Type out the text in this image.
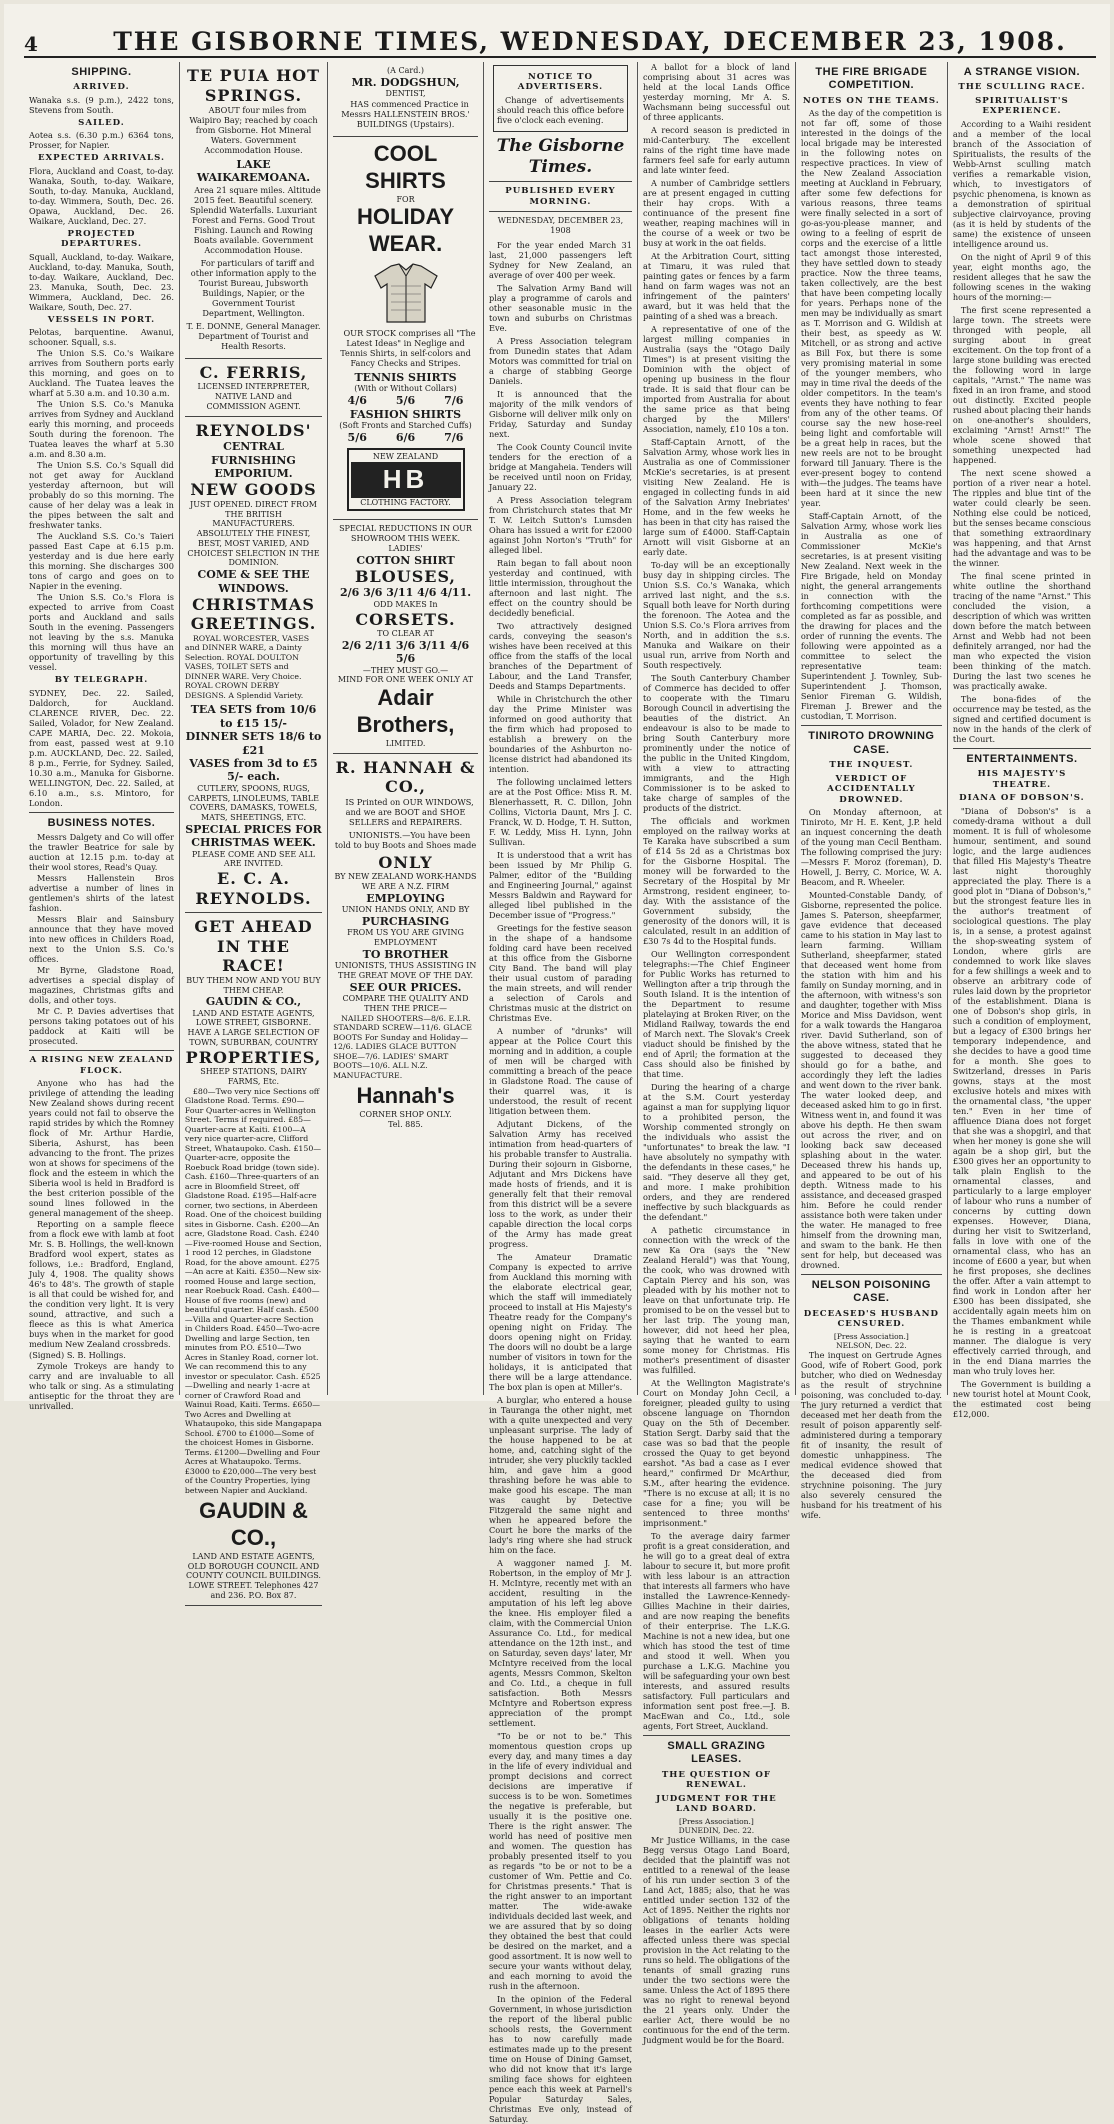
4	THE GISBORNE TIMES, WEDNESDAY, DECEMBER 23, 1908.
SHIPPING.
ARRIVED.

Wanaka s.s. (9 p.m.), 2422 tons, Stevens from South.

SAILED.

Aotea s.s. (6.30 p.m.) 6364 tons, Prosser, for Napier.

EXPECTED ARRIVALS.

Flora, Auckland and Coast, to-day. Wanaka, South, to-day. Waikare, South, to-day. Manuka, Auckland, to-day. Wimmera, South, Dec. 26. Opawa, Auckland, Dec. 26. Waikare, Auckland, Dec. 27.

PROJECTED DEPARTURES.

Squall, Auckland, to-day. Waikare, Auckland, to-day. Manuka, South, to-day. Waikare, Auckland, Dec. 23. Manuka, South, Dec. 23. Wimmera, Auckland, Dec. 26. Waikare, South, Dec. 27.

VESSELS IN PORT.

Pelotas, barquentine. Awanui, schooner. Squall, s.s.

The Union S.S. Co.'s Waikare arrives from Southern ports early this morning, and goes on to Auckland. The Tuatea leaves the wharf at 5.30 a.m. and 10.30 a.m.

The Union S.S. Co.'s Manuka arrives from Sydney and Auckland early this morning, and proceeds South during the forenoon. The Tuatea leaves the wharf at 5.30 a.m. and 8.30 a.m.

The Union S.S. Co.'s Squall did not get away for Auckland yesterday afternoon, but will probably do so this morning. The cause of her delay was a leak in the pipes between the salt and freshwater tanks.

The Auckland S.S. Co.'s Taieri passed East Cape at 6.15 p.m. yesterday and is due here early this morning. She discharges 300 tons of cargo and goes on to Napier in the evening.

The Union S.S. Co.'s Flora is expected to arrive from Coast ports and Auckland and sails South in the evening. Passengers not leaving by the s.s. Manuka this morning will thus have an opportunity of travelling by this vessel.

BY TELEGRAPH.

SYDNEY, Dec. 22. Sailed, Daldorch, for Auckland. CLARENCE RIVER, Dec. 22. Sailed, Volador, for New Zealand. CAPE MARIA, Dec. 22. Mokoia, from east, passed west at 9.10 p.m. AUCKLAND, Dec. 22. Sailed, 8 p.m., Ferrie, for Sydney. Sailed, 10.30 a.m., Manuka for Gisborne. WELLINGTON, Dec. 22. Sailed, at 6.10 a.m., s.s. Mintoro, for London.

BUSINESS NOTES.

Messrs Dalgety and Co will offer the trawler Beatrice for sale by auction at 12.15 p.m. to-day at their wool stores, Read's Quay.

Messrs Hallenstein Bros advertise a number of lines in gentlemen's shirts of the latest fashion.

Messrs Blair and Sainsbury announce that they have moved into new offices in Childers Road, next to the Union S.S. Co.'s offices.

Mr Byrne, Gladstone Road, advertises a special display of magazines, Christmas gifts and dolls, and other toys.

Mr C. P. Davies advertises that persons taking potatoes out of his paddock at Kaiti will be prosecuted.

A RISING NEW ZEALAND FLOCK.

Anyone who has had the privilege of attending the leading New Zealand shows during recent years could not fail to observe the rapid strides by which the Romney flock of Mr. Arthur Hardie, Siberia, Ashurst, has been advancing to the front. The prizes won at shows for specimens of the flock and the esteem in which the Siberia wool is held in Bradford is the best criterion possible of the sound lines followed in the general management of the sheep.

Reporting on a sample fleece from a flock ewe with lamb at foot Mr. S. B. Hollings, the well-known Bradford wool expert, states as follows, i.e.: Bradford, England, July 4, 1908. The quality shows 46's to 48's. The growth of staple is all that could be wished for, and the condition very light. It is very sound, attractive, and such a fleece as this is what America buys when in the market for good medium New Zealand crossbreds.

(Signed) S. B. Hollings.

Zymole Trokeys are handy to carry and are invaluable to all who talk or sing. As a stimulating antiseptic for the throat they are unrivalled.

TE PUIA HOT SPRINGS.

ABOUT four miles from Waipiro Bay; reached by coach from Gisborne. Hot Mineral Waters. Government Accommodation House.

LAKE WAIKAREMOANA.

Area 21 square miles. Altitude 2015 feet. Beautiful scenery. Splendid Waterfalls. Luxuriant Forest and Ferns. Good Trout Fishing. Launch and Rowing Boats available. Government Accommodation House.

For particulars of tariff and other information apply to the Tourist Bureau, Jubsworth Buildings, Napier, or the Government Tourist Department, Wellington.

T. E. DONNE, General Manager. Department of Tourist and Health Resorts.

C. FERRIS,
LICENSED INTERPRETER, NATIVE LAND and COMMISSION AGENT.
REYNOLDS'
CENTRAL FURNISHING EMPORIUM.
NEW GOODS
JUST OPENED. DIRECT FROM THE BRITISH MANUFACTURERS.
ABSOLUTELY THE FINEST, BEST, MOST VARIED, AND CHOICEST SELECTION IN THE DOMINION.
COME & SEE THE WINDOWS.
CHRISTMAS GREETINGS.

ROYAL WORCESTER, VASES and DINNER WARE, a Dainty Selection. ROYAL DOULTON VASES, TOILET SETS and DINNER WARE. Very Choice. ROYAL CROWN DERBY DESIGNS. A Splendid Variety.

TEA SETS from 10/6 to £15 15/-
DINNER SETS 18/6 to £21
VASES from 3d to £5 5/- each.
CUTLERY, SPOONS, RUGS, CARPETS, LINOLEUMS, TABLE COVERS, DAMASKS, TOWELS, MATS, SHEETINGS, ETC.
SPECIAL PRICES FOR CHRISTMAS WEEK.
PLEASE COME AND SEE ALL ARE INVITED.
E. C. A. REYNOLDS.
GET AHEAD IN THE RACE!
BUY THEM NOW AND YOU BUY THEM CHEAP.
GAUDIN & CO.,
LAND AND ESTATE AGENTS, LOWE STREET, GISBORNE.
HAVE A LARGE SELECTION OF TOWN, SUBURBAN, COUNTRY
PROPERTIES,
SHEEP STATIONS, DAIRY FARMS, Etc.

£80—Two very nice Sections off Gladstone Road. Terms. £90—Four Quarter-acres in Wellington Street. Terms if required. £85—Quarter-acre at Kaiti. £100—A very nice quarter-acre, Clifford Street, Whataupoko. Cash. £150—Quarter-acre, opposite the Roebuck Road bridge (town side). Cash. £160—Three-quarters of an acre in Bloomfield Street, off Gladstone Road. £195—Half-acre corner, two sections, in Aberdeen Road. One of the choicest building sites in Gisborne. Cash. £200—An acre, Gladstone Road. Cash. £240—Five-roomed House and Section, 1 rood 12 perches, in Gladstone Road, for the above amount. £275—An acre at Kaiti. £350—New six-roomed House and large section, near Roebuck Road. Cash. £400—House of five rooms (new) and beautiful quarter. Half cash. £500—Villa and Quarter-acre Section in Childers Road. £450—Two-acre Dwelling and large Section, ten minutes from P.O. £510—Two Acres in Stanley Road, corner lot. We can recommend this to any investor or speculator. Cash. £525—Dwelling and nearly 1-acre at corner of Crawford Road and Wainui Road, Kaiti. Terms. £650—Two Acres and Dwelling at Whataupoko, this side Mangapapa School. £700 to £1000—Some of the choicest Homes in Gisborne. Terms. £1200—Dwelling and Four Acres at Whataupoko. Terms. £3000 to £20,000—The very best of the Country Properties, lying between Napier and Auckland.

GAUDIN & CO.,
LAND AND ESTATE AGENTS, OLD BOROUGH COUNCIL AND COUNTY COUNCIL BUILDINGS. LOWE STREET. Telephones 427 and 236. P.O. Box 87.
(A Card.)
MR. DODGSHUN,
DENTIST,

HAS commenced Practice in Messrs HALLENSTEIN BROS.' BUILDINGS (Upstairs).

COOL
SHIRTS
FOR
HOLIDAY
WEAR.

OUR STOCK comprises all "The Latest Ideas" in Neglige and Tennis Shirts, in self-colors and Fancy Checks and Stripes.

TENNIS SHIRTS
(With or Without Collars)
4/6	5/6	7/6
FASHION SHIRTS
(Soft Fronts and Starched Cuffs)
5/6	6/6	7/6
NEW ZEALAND
HB
CLOTHING FACTORY.
SPECIAL REDUCTIONS IN OUR SHOWROOM THIS WEEK.
LADIES'
COTTON SHIRT
BLOUSES,
2/6 3/6 3/11 4/6 4/11.
ODD MAKES In
CORSETS.
TO CLEAR AT
2/6 2/11 3/6 3/11 4/6 5/6
—THEY MUST GO.—
MIND FOR ONE WEEK ONLY AT
Adair Brothers,
LIMITED.
R. HANNAH & CO.,

IS Printed on OUR WINDOWS, and we are BOOT and SHOE SELLERS and REPAIRERS.

UNIONISTS.—You have been told to buy Boots and Shoes made

ONLY
BY NEW ZEALAND WORK-HANDS
WE ARE A N.Z. FIRM
EMPLOYING
UNION HANDS ONLY, AND BY
PURCHASING
FROM US YOU ARE GIVING EMPLOYMENT
TO BROTHER
UNIONISTS, THUS ASSISTING IN THE GREAT MOVE OF THE DAY.
SEE OUR PRICES.
COMPARE THE QUALITY AND THEN THE PRICE—

NAILED SHOOTERS—8/6. E.I.R. STANDARD SCREW—11/6. GLACE BOOTS For Sunday and Holiday—12/6. LADIES GLACE BUTTON SHOE—7/6. LADIES' SMART BOOTS—10/6. ALL N.Z. MANUFACTURE.

Hannah's
CORNER SHOP ONLY.
Tel. 885.
NOTICE TO ADVERTISERS.

Change of advertisements should reach this office before five o'clock each evening.

The Gisborne Times.
PUBLISHED EVERY MORNING.
WEDNESDAY, DECEMBER 23, 1908

For the year ended March 31 last, 21,000 passengers left Sydney for New Zealand, an average of over 400 per week.

The Salvation Army Band will play a programme of carols and other seasonable music in the town and suburbs on Christmas Eve.

A Press Association telegram from Dunedin states that Adam Motors was committed for trial on a charge of stabbing George Daniels.

It is announced that the majority of the milk vendors of Gisborne will deliver milk only on Friday, Saturday and Sunday next.

The Cook County Council invite tenders for the erection of a bridge at Mangaheia. Tenders will be received until noon on Friday, January 22.

A Press Association telegram from Christchurch states that Mr T. W. Leitch Sutton's Lumsden Ohara has issued a writ for £2000 against John Norton's "Truth" for alleged libel.

Rain began to fall about noon yesterday and continued, with little intermission, throughout the afternoon and last night. The effect on the country should be decidedly beneficial.

Two attractively designed cards, conveying the season's wishes have been received at this office from the staffs of the local branches of the Department of Labour, and the Land Transfer, Deeds and Stamps Departments.

While in Christchurch the other day the Prime Minister was informed on good authority that the firm which had proposed to establish a brewery on the boundaries of the Ashburton no-license district had abandoned its intention.

The following unclaimed letters are at the Post Office: Miss R. M. Blenerhassett, R. C. Dillon, John Collins, Victoria Daunt, Mrs J. C. Franck, W. D. Hodge, T. H. Sutton, F. W. Leddy, Miss H. Lynn, John Sullivan.

It is understood that a writ has been issued by Mr Philip G. Palmer, editor of the "Building and Engineering Journal," against Messrs Baldwin and Rayward for alleged libel published in the December issue of "Progress."

Greetings for the festive season in the shape of a handsome folding card have been received at this office from the Gisborne City Band. The band will play their usual custom of parading the main streets, and will render a selection of Carols and Christmas music at the district on Christmas Eve.

A number of "drunks" will appear at the Police Court this morning and in addition, a couple of men will be charged with committing a breach of the peace in Gladstone Road. The cause of their quarrel was, it is understood, the result of recent litigation between them.

Adjutant Dickens, of the Salvation Army has received intimation from head-quarters of his probable transfer to Australia. During their sojourn in Gisborne, Adjutant and Mrs Dickens have made hosts of friends, and it is generally felt that their removal from this district will be a severe loss to the work, as under their capable direction the local corps of the Army has made great progress.

The Amateur Dramatic Company is expected to arrive from Auckland this morning with the elaborate electrical gear, which the staff will immediately proceed to install at His Majesty's Theatre ready for the Company's opening night on Friday. The doors opening night on Friday. The doors will no doubt be a large number of visitors in town for the holidays, it is anticipated that there will be a large attendance. The box plan is open at Miller's.

A burglar, who entered a house in Tauranga the other night, met with a quite unexpected and very unpleasant surprise. The lady of the house happened to be at home, and, catching sight of the intruder, she very pluckily tackled him, and gave him a good thrashing before he was able to make good his escape. The man was caught by Detective Fitzgerald the same night and when he appeared before the Court he bore the marks of the lady's ring where she had struck him on the face.

A waggoner named J. M. Robertson, in the employ of Mr J. H. McIntyre, recently met with an accident, resulting in the amputation of his left leg above the knee. His employer filed a claim, with the Commercial Union Assurance Co. Ltd., for medical attendance on the 12th inst., and on Saturday, seven days' later, Mr McIntyre received from the local agents, Messrs Common, Skelton and Co. Ltd., a cheque in full satisfaction. Both Messrs McIntyre and Robertson express appreciation of the prompt settlement.

"To be or not to be." This momentous question crops up every day, and many times a day in the life of every individual and prompt decisions and correct decisions are imperative if success is to be won. Sometimes the negative is preferable, but usually it is the positive one. There is the right answer. The world has need of positive men and women. The question has probably presented itself to you as regards "to be or not to be a customer of Wm. Pettie and Co. for Christmas presents." That is the right answer to an important matter. The wide-awake individuals decided last week, and we are assured that by so doing they obtained the best that could be desired on the market, and a good assortment. It is now well to secure your wants without delay, and each morning to avoid the rush in the afternoon.

In the opinion of the Federal Government, in whose jurisdiction the report of the liberal public schools rests, the Government has to now carefully made estimates made up to the present time on House of Dining Gamset, who did not know that it's large smiling face shows for eighteen pence each this week at Parnell's Popular Saturday Sales, Christmas Eve only, instead of Saturday.

A ballot for a block of land comprising about 31 acres was held at the local Lands Office yesterday morning, Mr A. S. Wachsmann being successful out of three applicants.

A record season is predicted in mid-Canterbury. The excellent rains of the right time have made farmers feel safe for early autumn and late winter feed.

A number of Cambridge settlers are at present engaged in cutting their hay crops. With a continuance of the present fine weather, reaping machines will in the course of a week or two be busy at work in the oat fields.

At the Arbitration Court, sitting at Timaru, it was ruled that painting gates or fences by a farm hand on farm wages was not an infringement of the painters' award, but it was held that the painting of a shed was a breach.

A representative of one of the largest milling companies in Australia (says the "Otago Daily Times") is at present visiting the Dominion with the object of opening up business in the flour trade. It is said that flour can be imported from Australia for about the same price as that being charged by the Millers' Association, namely, £10 10s a ton.

Staff-Captain Arnott, of the Salvation Army, whose work lies in Australia as one of Commissioner McKie's secretaries, is at present visiting New Zealand. He is engaged in collecting funds in aid of the Salvation Army Inebriates' Home, and in the few weeks he has been in that city has raised the large sum of £4000. Staff-Captain Arnott will visit Gisborne at an early date.

To-day will be an exceptionally busy day in shipping circles. The Union S.S. Co.'s Wanaka, which arrived last night, and the s.s. Squall both leave for North during the forenoon. The Aotea and the Union S.S. Co.'s Flora arrives from North, and in addition the s.s. Manuka and Waikare on their usual run, arrive from North and South respectively.

The South Canterbury Chamber of Commerce has decided to offer to cooperate with the Timaru Borough Council in advertising the beauties of the district. An endeavour is also to be made to bring South Canterbury more prominently under the notice of the public in the United Kingdom, with a view to attracting immigrants, and the High Commissioner is to be asked to take charge of samples of the products of the district.

The officials and workmen employed on the railway works at Te Karaka have subscribed a sum of £14 5s 2d as a Christmas box for the Gisborne Hospital. The money will be forwarded to the Secretary of the Hospital by Mr Armstrong, resident engineer, to-day. With the assistance of the Government subsidy, the generosity of the donors will, it is calculated, result in an addition of £30 7s 4d to the Hospital funds.

Our Wellington correspondent telegraphs:—The Chief Engineer for Public Works has returned to Wellington after a trip through the South Island. It is the intention of the Department to resume platelaying at Broken River, on the Midland Railway, towards the end of March next. The Slovak's Creek viaduct should be finished by the end of April; the formation at the Cass should also be finished by that time.

During the hearing of a charge at the S.M. Court yesterday against a man for supplying liquor to a prohibited person, the Worship commented strongly on the individuals who assist the "unfortunates" to break the law. "I have absolutely no sympathy with the defendants in these cases," he said. "They deserve all they get, and more. I make prohibition orders, and they are rendered ineffective by such blackguards as the defendant."

A pathetic circumstance in connection with the wreck of the new Ka Ora (says the "New Zealand Herald") was that Young, the cook, who was drowned with Captain Piercy and his son, was pleaded with by his mother not to leave on that unfortunate trip. He promised to be on the vessel but to her last trip. The young man, however, did not heed her plea, saying that he wanted to earn some money for Christmas. His mother's presentiment of disaster was fulfilled.

At the Wellington Magistrate's Court on Monday John Cecil, a foreigner, pleaded guilty to using obscene language on Thorndon Quay on the 5th of December. Station Sergt. Darby said that the case was so bad that the people crossed the Quay to get beyond earshot. "As bad a case as I ever heard," confirmed Dr McArthur, S.M., after hearing the evidence. "There is no excuse at all; it is no case for a fine; you will be sentenced to three months' imprisonment."

To the average dairy farmer profit is a great consideration, and he will go to a great deal of extra labour to secure it, but more profit with less labour is an attraction that interests all farmers who have installed the Lawrence-Kennedy-Gillies Machine in their dairies, and are now reaping the benefits of their enterprise. The L.K.G. Machine is not a new idea, but one which has stood the test of time and stood it well. When you purchase a L.K.G. Machine you will be safeguarding your own best interests, and assured results satisfactory. Full particulars and information sent post free.—J. B. MacEwan and Co., Ltd., sole agents, Fort Street, Auckland.

SMALL GRAZING LEASES.
THE QUESTION OF RENEWAL.
JUDGMENT FOR THE LAND BOARD.
[Press Association.]
DUNEDIN, Dec. 22.

Mr Justice Williams, in the case Begg versus Otago Land Board, decided that the plaintiff was not entitled to a renewal of the lease of his run under section 3 of the Land Act, 1885; also, that he was entitled under section 132 of the Act of 1895. Neither the rights nor obligations of tenants holding leases in the earlier Acts were affected unless there was special provision in the Act relating to the runs so held. The obligations of the tenants of small grazing runs under the two sections were the same. Unless the Act of 1895 there was no right to renewal beyond the 21 years only. Under the earlier Act, there would be no continuous for the end of the term. Judgment would be for the Board.

THE FIRE BRIGADE COMPETITION.
NOTES ON THE TEAMS.

As the day of the competition is not far off, some of those interested in the doings of the local brigade may be interested in the following notes on respective practices. In view of the New Zealand Association meeting at Auckland in February, after some few defections for various reasons, three teams were finally selected in a sort of go-as-you-please manner, and owing to a feeling of esprit de corps and the exercise of a little tact amongst those interested, they have settled down to steady practice. Now the three teams, taken collectively, are the best that have been competing locally for years. Perhaps none of the men may be individually as smart as T. Morrison and G. Wildish at their best, as speedy as W. Mitchell, or as strong and active as Bill Fox, but there is some very promising material in some of the younger members, who may in time rival the deeds of the older competitors. In the team's events they have nothing to fear from any of the other teams. Of course say the new hose-reel being light and comfortable will be a great help in races, but the new reels are not to be brought forward till January. There is the ever-present bogey to contend with—the judges. The teams have been hard at it since the new year.

Staff-Captain Arnott, of the Salvation Army, whose work lies in Australia as one of Commissioner McKie's secretaries, is at present visiting New Zealand. Next week in the Fire Brigade, held on Monday night, the general arrangements in connection with the forthcoming competitions were completed as far as possible, and the drawing for places and the order of running the events. The following were appointed as a committee to select the representative team: Superintendent J. Townley, Sub-Superintendent J. Thomson, Senior Fireman G. Wildish, Fireman J. Brewer and the custodian, T. Morrison.

TINIROTO DROWNING CASE.
THE INQUEST.
VERDICT OF ACCIDENTALLY DROWNED.

On Monday afternoon, at Tiniroto, Mr H. E. Kent, J.P. held an inquest concerning the death of the young man Cecil Bentham. The following comprised the jury:—Messrs F. Moroz (foreman), D. Howell, J. Berry, C. Morice, W. A. Beacom, and R. Wheeler.

Mounted-Constable Dandy, of Gisborne, represented the police. James S. Paterson, sheepfarmer, gave evidence that deceased came to his station in May last to learn farming. William Sutherland, sheepfarmer, stated that deceased went home from the station with him and his family on Sunday morning, and in the afternoon, with witness's son and daughter, together with Miss Morice and Miss Davidson, went for a walk towards the Hangaroa river. David Sutherland, son of the above witness, stated that he suggested to deceased they should go for a bathe, and accordingly they left the ladies and went down to the river bank. The water looked deep, and deceased asked him to go in first. Witness went in, and found it was above his depth. He then swam out across the river, and on looking back saw deceased splashing about in the water. Deceased threw his hands up, and appeared to be out of his depth. Witness made to his assistance, and deceased grasped him. Before he could render assistance both were taken under the water. He managed to free himself from the drowning man, and swam to the bank. He then sent for help, but deceased was drowned.

NELSON POISONING CASE.
DECEASED'S HUSBAND CENSURED.
[Press Association.]
NELSON, Dec. 22.

The inquest on Gertrude Agnes Good, wife of Robert Good, pork butcher, who died on Wednesday as the result of strychnine poisoning, was concluded to-day. The jury returned a verdict that deceased met her death from the result of poison apparently self-administered during a temporary fit of insanity, the result of domestic unhappiness. The medical evidence showed that the deceased died from strychnine poisoning. The jury also severely censured the husband for his treatment of his wife.

A STRANGE VISION.
THE SCULLING RACE.
SPIRITUALIST'S EXPERIENCE.

According to a Waihi resident and a member of the local branch of the Association of Spiritualists, the results of the Webb-Arnst sculling match verifies a remarkable vision, which, to investigators of psychic phenomena, is known as a demonstration of spiritual subjective clairvoyance, proving (as it is held by students of the same) the existence of unseen intelligence around us.

On the night of April 9 of this year, eight months ago, the resident alleges that he saw the following scenes in the waking hours of the morning:—

The first scene represented a large town. The streets were thronged with people, all surging about in great excitement. On the top front of a large stone building was erected the following word in large capitals, "Arnst." The name was fixed in an iron frame, and stood out distinctly. Excited people rushed about placing their hands on one-another's shoulders, exclaiming "Arnst! Arnst!" The whole scene showed that something unexpected had happened.

The next scene showed a portion of a river near a hotel. The ripples and blue tint of the water could clearly be seen. Nothing else could be noticed, but the senses became conscious that something extraordinary was happening, and that Arnst had the advantage and was to be the winner.

The final scene printed in white outline the shorthand tracing of the name "Arnst." This concluded the vision, a description of which was written down before the match between Arnst and Webb had not been definitely arranged, nor had the man who expected the vision been thinking of the match. During the last two scenes he was practically awake.

The bona-fides of the occurrence may be tested, as the signed and certified document is now in the hands of the clerk of the Court.

ENTERTAINMENTS.
HIS MAJESTY'S THEATRE.
DIANA OF DOBSON'S.

"Diana of Dobson's" is a comedy-drama without a dull moment. It is full of wholesome humour, sentiment, and sound logic, and the large audiences that filled His Majesty's Theatre last night thoroughly appreciated the play. There is a good plot in "Diana of Dobson's," but the strongest feature lies in the author's treatment of sociological questions. The play is, in a sense, a protest against the shop-sweating system of London, where girls are condemned to work like slaves for a few shillings a week and to observe an arbitrary code of rules laid down by the proprietor of the establishment. Diana is one of Dobson's shop girls, in such a condition of employment, but a legacy of £300 brings her temporary independence, and she decides to have a good time for a month. She goes to Switzerland, dresses in Paris gowns, stays at the most exclusive hotels and mixes with the ornamental class, "the upper ten." Even in her time of affluence Diana does not forget that she was a shopgirl, and that when her money is gone she will again be a shop girl, but the £300 gives her an opportunity to talk plain English to the ornamental classes, and particularly to a large employer of labour who runs a number of concerns by cutting down expenses. However, Diana, during her visit to Switzerland, falls in love with one of the ornamental class, who has an income of £600 a year, but when he first proposes, she declines the offer. After a vain attempt to find work in London after her £300 has been dissipated, she accidentally again meets him on the Thames embankment while he is resting in a greatcoat manner. The dialogue is very effectively carried through, and in the end Diana marries the man who truly loves her.

The Government is building a new tourist hotel at Mount Cook, the estimated cost being £12,000.
